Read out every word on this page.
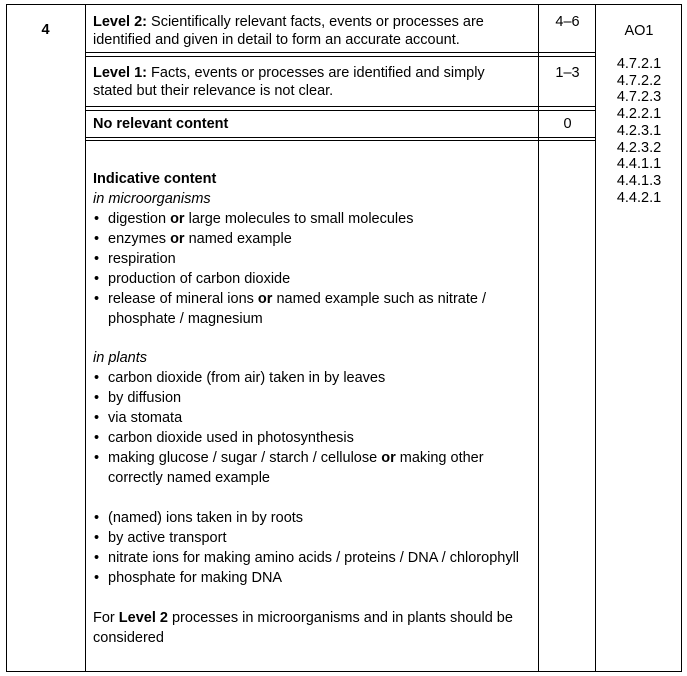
4	Level 2: Scientifically relevant facts, events or processes are identified and given in detail to form an accurate account.
4–6
Level 1: Facts, events or processes are identified and simply stated but their relevance is not clear.
1–3
No relevant content	0
AO1
4.7.2.1
4.7.2.2
4.7.2.3
4.2.2.1
4.2.3.1
4.2.3.2
4.4.1.1
4.4.1.3
4.4.2.1
Indicative content
in microorganisms
• digestion or large molecules to small molecules
• enzymes or named example
• respiration
• production of carbon dioxide
• release of mineral ions or named example such as nitrate / phosphate / magnesium
in plants
• carbon dioxide (from air) taken in by leaves
• by diffusion
• via stomata
• carbon dioxide used in photosynthesis
• making glucose / sugar / starch / cellulose or making other correctly named example
• (named) ions taken in by roots
• by active transport
• nitrate ions for making amino acids / proteins / DNA / chlorophyll
• phosphate for making DNA
For Level 2 processes in microorganisms and in plants should be considered
